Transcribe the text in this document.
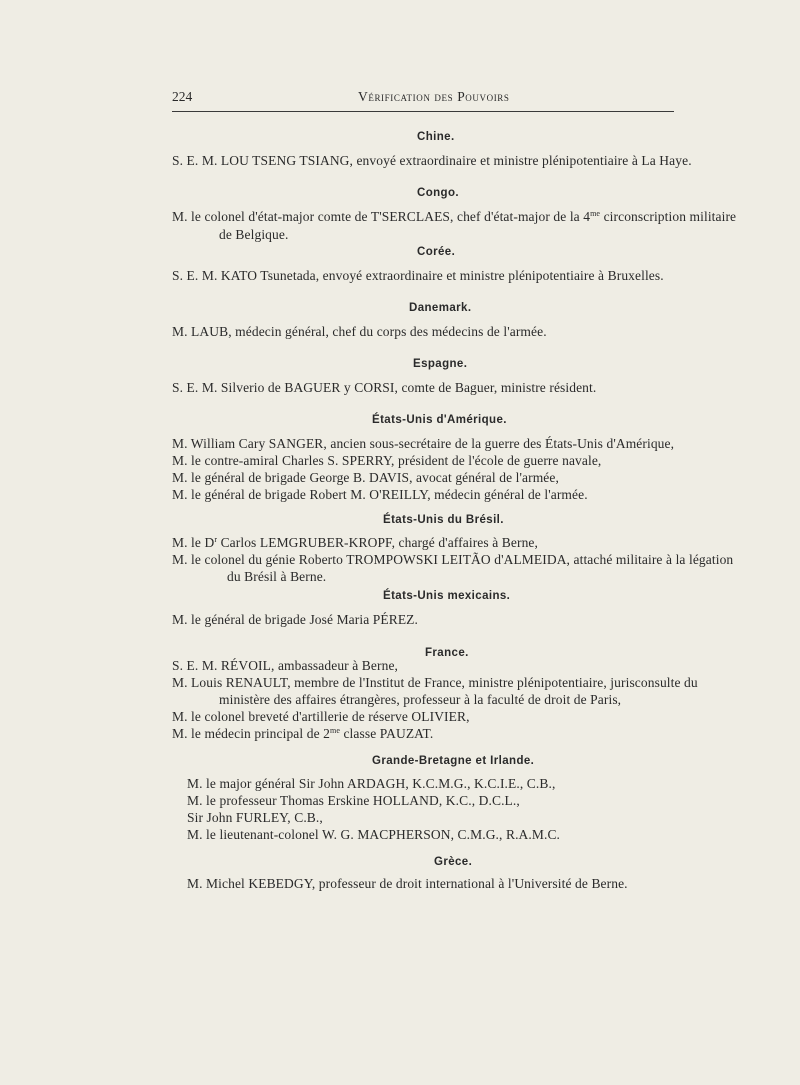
224	Vérification des Pouvoirs
Chine.
S. E. M. LOU TSENG TSIANG, envoyé extraordinaire et ministre plénipotentiaire à La Haye.
Congo.
M. le colonel d'état-major comte de T'SERCLAES, chef d'état-major de la $4^{me}$ circonscription militaire
de Belgique.
Corée.
S. E. M. KATO Tsunetada, envoyé extraordinaire et ministre plénipotentiaire à Bruxelles.
Danemark.
M. LAUB, médecin général, chef du corps des médecins de l'armée.
Espagne.
S. E. M. Silverio de BAGUER y CORSI, comte de Baguer, ministre résident.
États-Unis d'Amérique.
M. William Cary SANGER, ancien sous-secrétaire de la guerre des États-Unis d'Amérique,
M. le contre-amiral Charles S. SPERRY, président de l'école de guerre navale,
M. le général de brigade George B. DAVIS, avocat général de l'armée,
M. le général de brigade Robert M. O'REILLY, médecin général de l'armée.
États-Unis du Brésil.
M. le $D^r$ Carlos LEMGRUBER-KROPF, chargé d'affaires à Berne,
M. le colonel du génie Roberto TROMPOWSKI LEITÃO d'ALMEIDA, attaché militaire à la légation
du Brésil à Berne.
États-Unis mexicains.
M. le général de brigade José Maria PÉREZ.
France.
S. E. M. RÉVOIL, ambassadeur à Berne,
M. Louis RENAULT, membre de l'Institut de France, ministre plénipotentiaire, jurisconsulte du
ministère des affaires étrangères, professeur à la faculté de droit de Paris,
M. le colonel breveté d'artillerie de réserve OLIVIER,
M. le médecin principal de $2^{me}$ classe PAUZAT.
Grande-Bretagne et Irlande.
M. le major général Sir John ARDAGH, K.C.M.G., K.C.I.E., C.B.,
M. le professeur Thomas Erskine HOLLAND, K.C., D.C.L.,
Sir John FURLEY, C.B.,
M. le lieutenant-colonel W. G. MACPHERSON, C.M.G., R.A.M.C.
Grèce.
M. Michel KEBEDGY, professeur de droit international à l'Université de Berne.
